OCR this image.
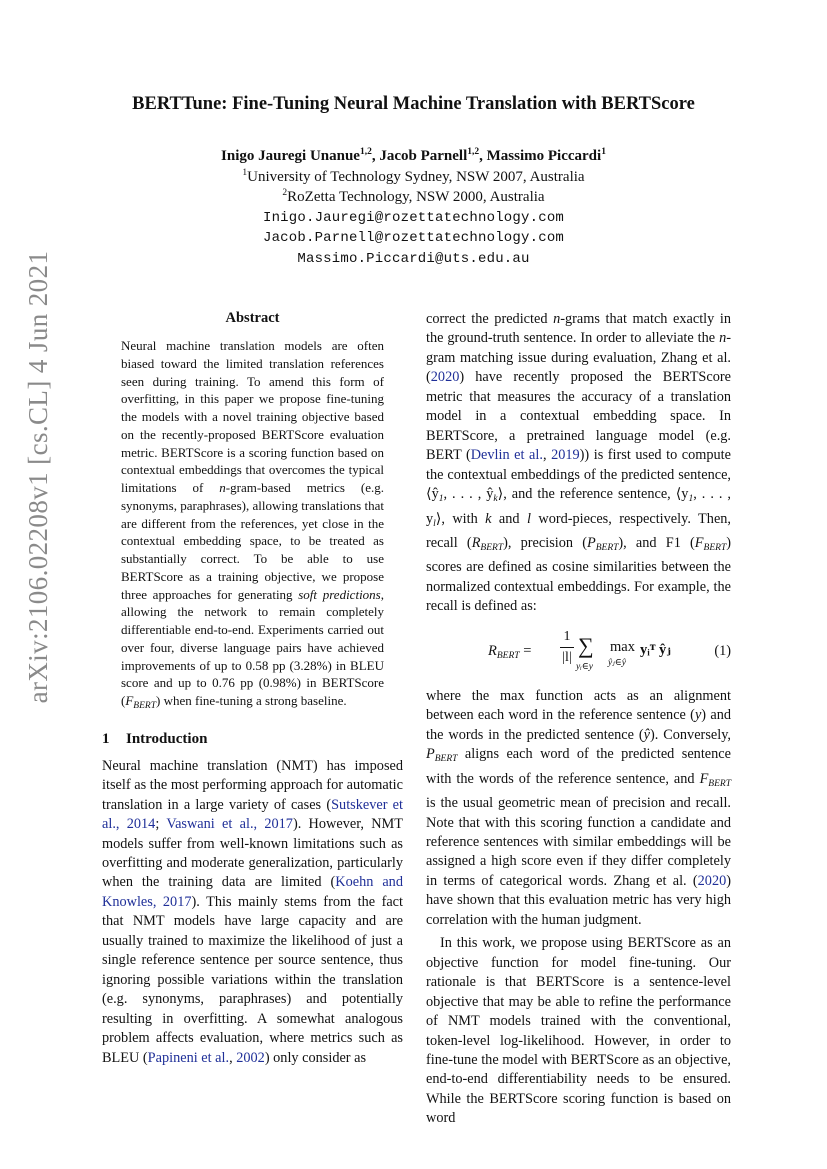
arXiv:2106.02208v1 [cs.CL] 4 Jun 2021
BERTTune: Fine-Tuning Neural Machine Translation with BERTScore
Inigo Jauregi Unanue$^{1,2}$, Jacob Parnell$^{1,2}$, Massimo Piccardi$^1$
$^1$University of Technology Sydney, NSW 2007, Australia
$^2$RoZetta Technology, NSW 2000, Australia
Inigo.Jauregi@rozettatechnology.com
Jacob.Parnell@rozettatechnology.com
Massimo.Piccardi@uts.edu.au
Abstract
Neural machine translation models are often biased toward the limited translation references seen during training. To amend this form of overfitting, in this paper we propose fine-tuning the models with a novel training objective based on the recently-proposed BERTScore evaluation metric. BERTScore is a scoring function based on contextual embeddings that overcomes the typical limitations of n-gram-based metrics (e.g. synonyms, paraphrases), allowing translations that are different from the references, yet close in the contextual embedding space, to be treated as substantially correct. To be able to use BERTScore as a training objective, we propose three approaches for generating soft predictions, allowing the network to remain completely differentiable end-to-end. Experiments carried out over four, diverse language pairs have achieved improvements of up to 0.58 pp (3.28%) in BLEU score and up to 0.76 pp (0.98%) in BERTScore $(F_{BERT})$ when fine-tuning a strong baseline.
1 Introduction

Neural machine translation (NMT) has imposed itself as the most performing approach for automatic translation in a large variety of cases (Sutskever et al., 2014; Vaswani et al., 2017). However, NMT models suffer from well-known limitations such as overfitting and moderate generalization, particularly when the training data are limited (Koehn and Knowles, 2017). This mainly stems from the fact that NMT models have large capacity and are usually trained to maximize the likelihood of just a single reference sentence per source sentence, thus ignoring possible variations within the translation (e.g. synonyms, paraphrases) and potentially resulting in overfitting. A somewhat analogous problem affects evaluation, where metrics such as BLEU (Papineni et al., 2002) only consider as

correct the predicted n-grams that match exactly in the ground-truth sentence. In order to alleviate the n-gram matching issue during evaluation, Zhang et al. (2020) have recently proposed the BERTScore metric that measures the accuracy of a translation model in a contextual embedding space. In BERTScore, a pretrained language model (e.g. BERT (Devlin et al., 2019)) is first used to compute the contextual embeddings of the predicted sentence, $⟨ŷ_1$, . . . , $ŷ_k⟩$, and the reference sentence, $⟨y_1$, . . . , $y_l⟩$, with k and l word-pieces, respectively. Then, recall $(R_{BERT})$, precision $(P_{BERT})$, and F1 $(F_{BERT})$ scores are defined as cosine similarities between the normalized contextual embeddings. For example, the recall is defined as:

$R_{BERT}$ =
1
|l| ∑
yᵢ∈y
max
ŷⱼ∈ŷ
yᵢᵀ ŷⱼ	(1)

where the max function acts as an alignment between each word in the reference sentence (y) and the words in the predicted sentence (ŷ). Conversely, $P_{BERT}$ aligns each word of the predicted sentence with the words of the reference sentence, and $F_{BERT}$ is the usual geometric mean of precision and recall. Note that with this scoring function a candidate and reference sentences with similar embeddings will be assigned a high score even if they differ completely in terms of categorical words. Zhang et al. (2020) have shown that this evaluation metric has very high correlation with the human judgment.

In this work, we propose using BERTScore as an objective function for model fine-tuning. Our rationale is that BERTScore is a sentence-level objective that may be able to refine the performance of NMT models trained with the conventional, token-level log-likelihood. However, in order to fine-tune the model with BERTScore as an objective, end-to-end differentiability needs to be ensured. While the BERTScore scoring function is based on word
